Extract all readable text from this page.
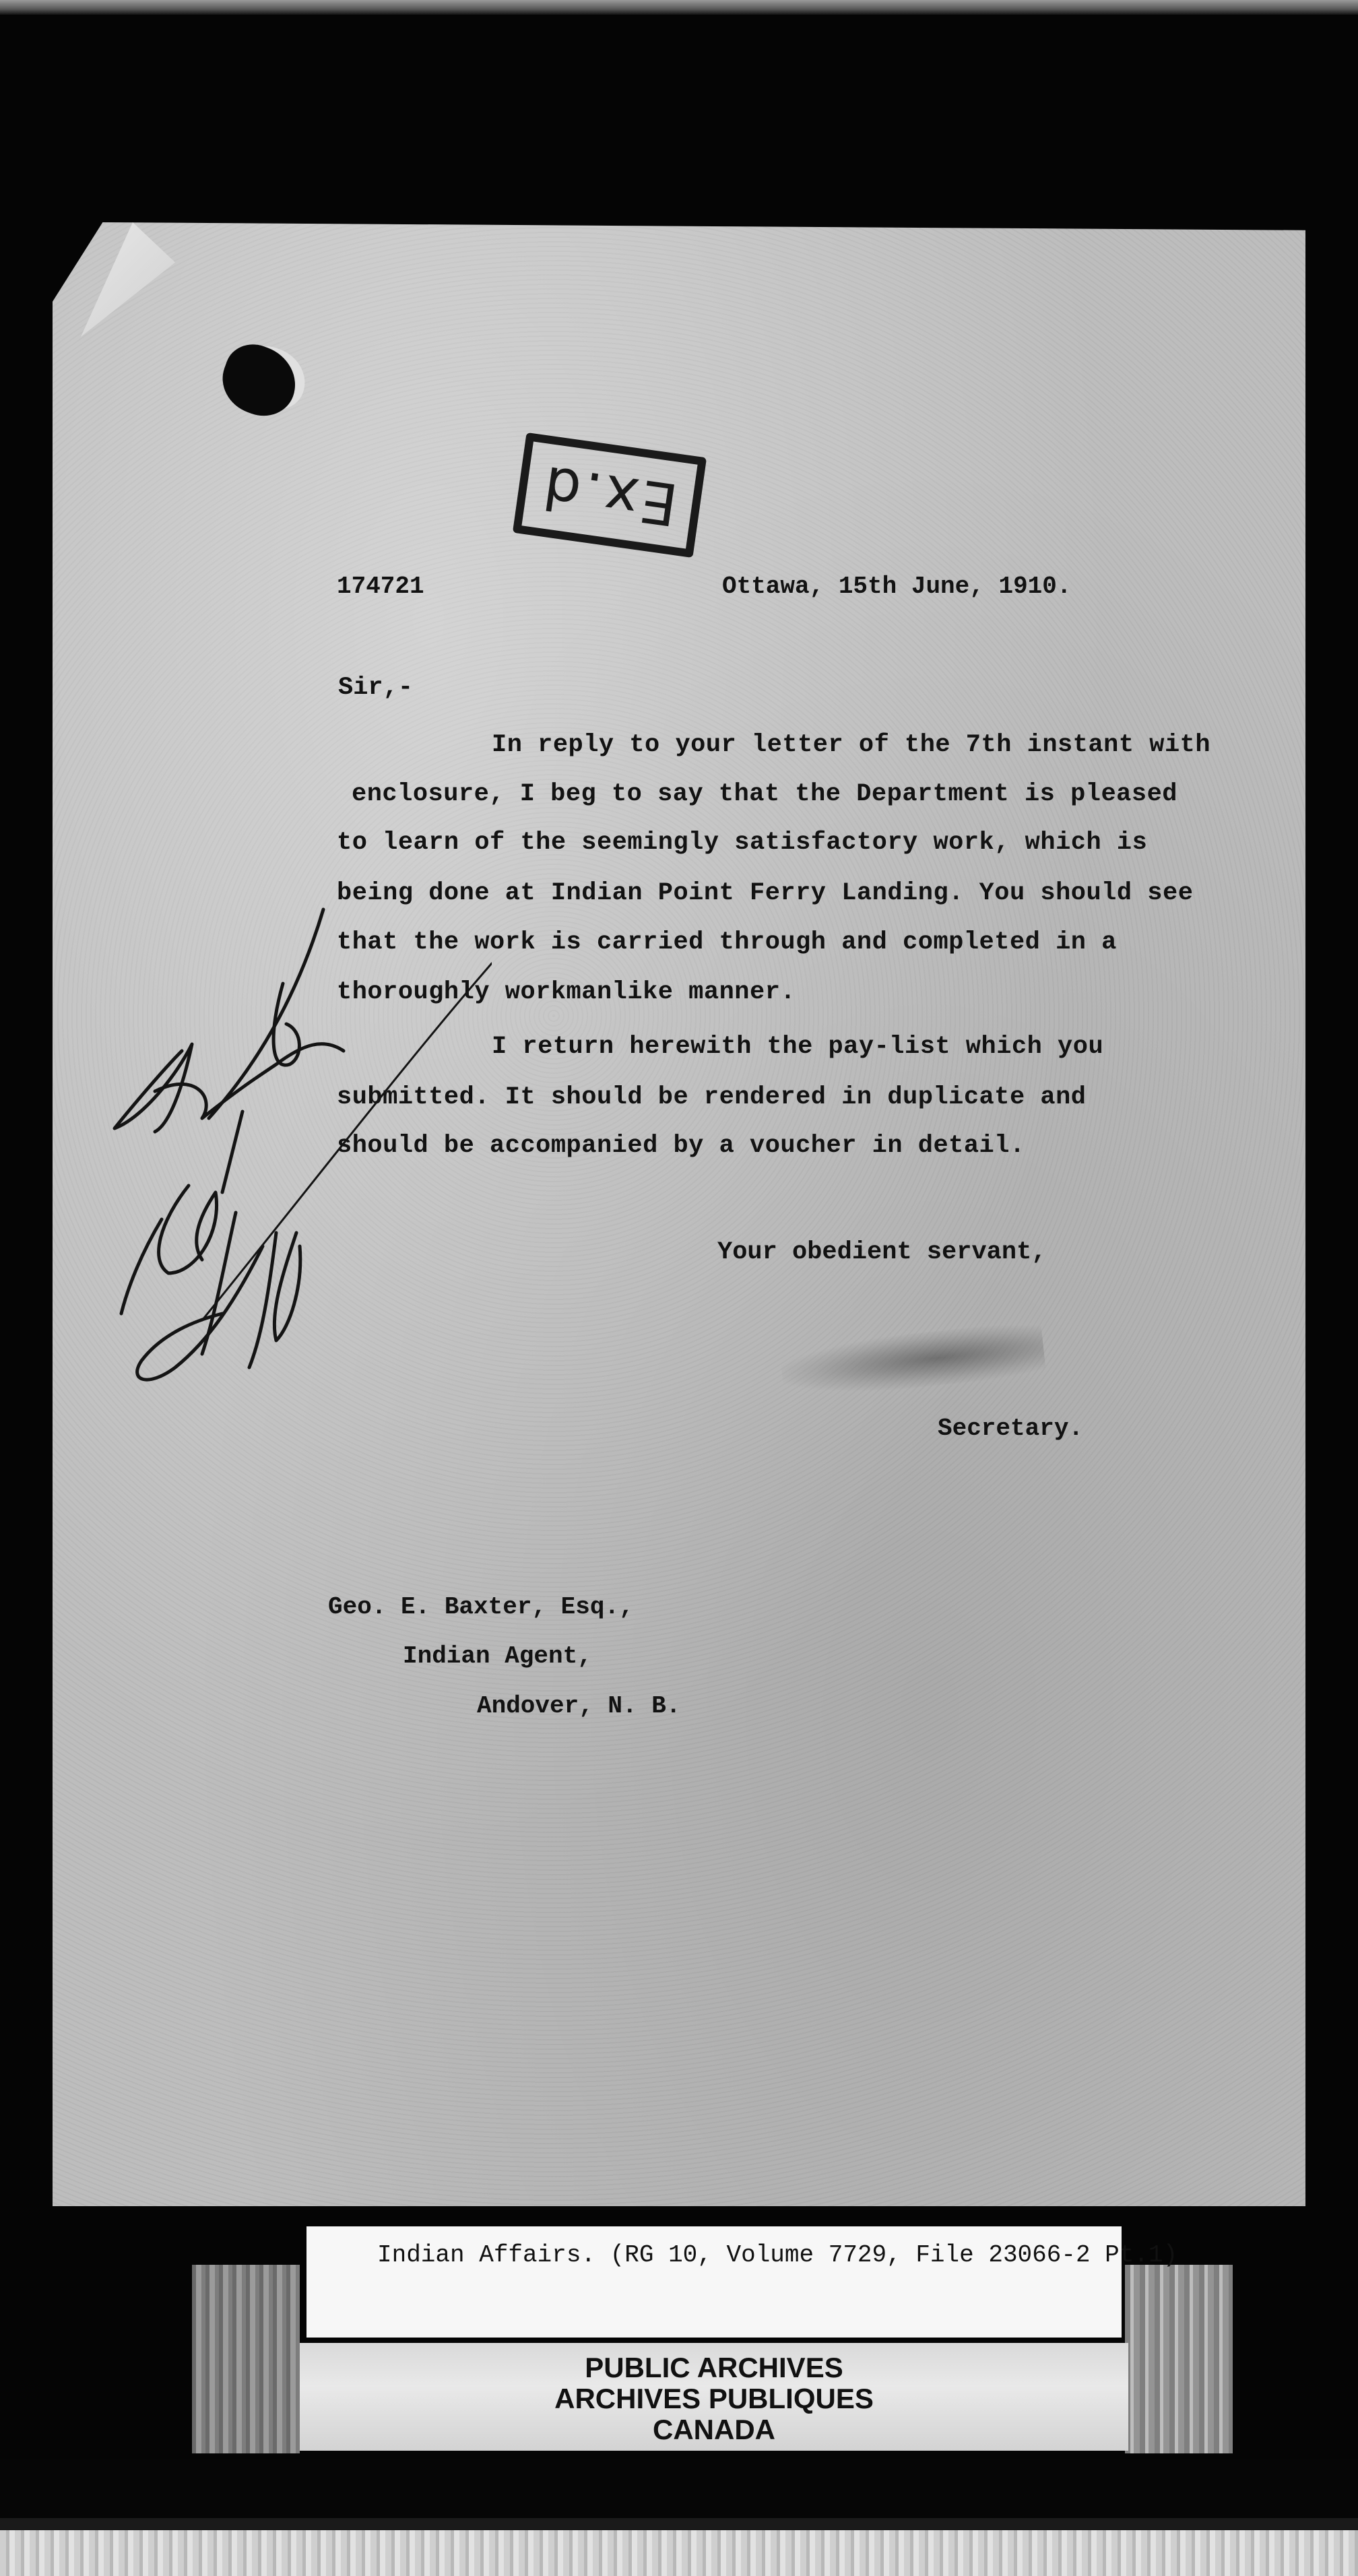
Ex.d
174721	Ottawa, 15th June, 1910.
Sir,-
In reply to your letter of the 7th instant with
enclosure, I beg to say that the Department is pleased
to learn of the seemingly satisfactory work, which is
being done at Indian Point Ferry Landing. You should see
that the work is carried through and completed in a
thoroughly workmanlike manner.
I return herewith the pay-list which you
submitted. It should be rendered in duplicate and
should be accompanied by a voucher in detail.
Your obedient servant,
Secretary.
Geo. E. Baxter, Esq.,
Indian Agent,
Andover, N. B.
Indian Affairs. (RG 10, Volume 7729, File 23066-2 Pt.1)
PUBLIC ARCHIVES
ARCHIVES PUBLIQUES
CANADA
